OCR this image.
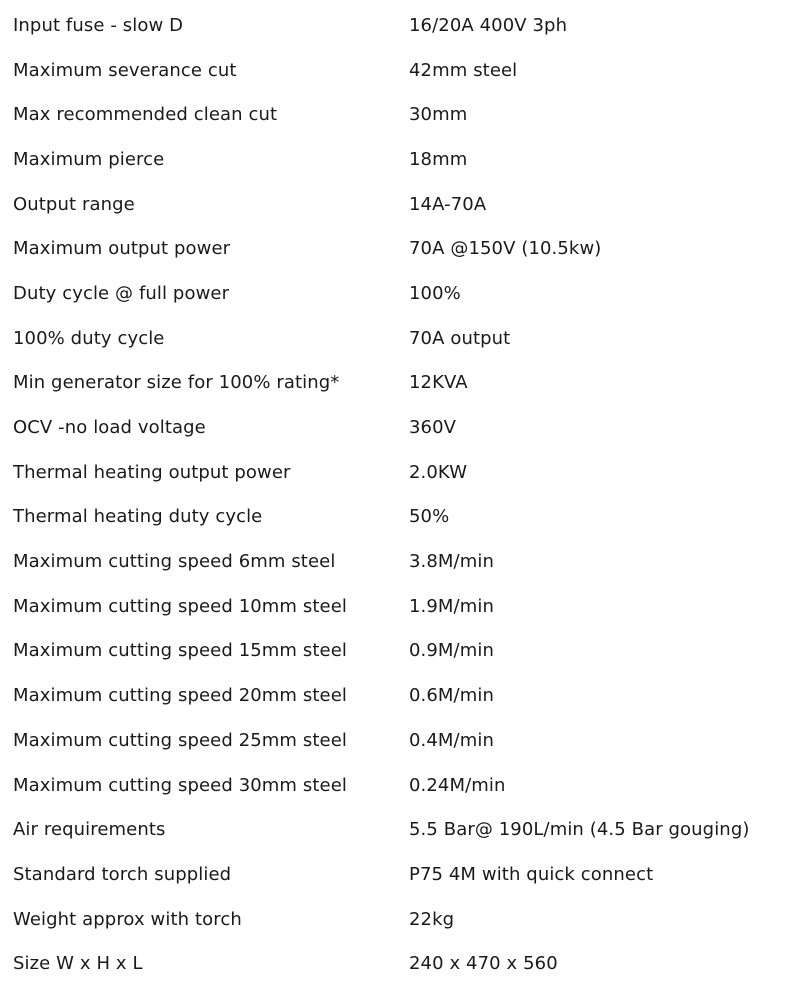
Input fuse - slow D	16/20A 400V 3ph
Maximum severance cut	42mm steel
Max recommended clean cut	30mm
Maximum pierce	18mm
Output range	14A-70A
Maximum output power	70A @150V (10.5kw)
Duty cycle @ full power	100%
100% duty cycle	70A output
Min generator size for 100% rating*	12KVA
OCV -no load voltage	360V
Thermal heating output power	2.0KW
Thermal heating duty cycle	50%
Maximum cutting speed 6mm steel	3.8M/min
Maximum cutting speed 10mm steel	1.9M/min
Maximum cutting speed 15mm steel	0.9M/min
Maximum cutting speed 20mm steel	0.6M/min
Maximum cutting speed 25mm steel	0.4M/min
Maximum cutting speed 30mm steel	0.24M/min
Air requirements	5.5 Bar@ 190L/min (4.5 Bar gouging)
Standard torch supplied	P75 4M with quick connect
Weight approx with torch	22kg
Size W x H x L	240 x 470 x 560
